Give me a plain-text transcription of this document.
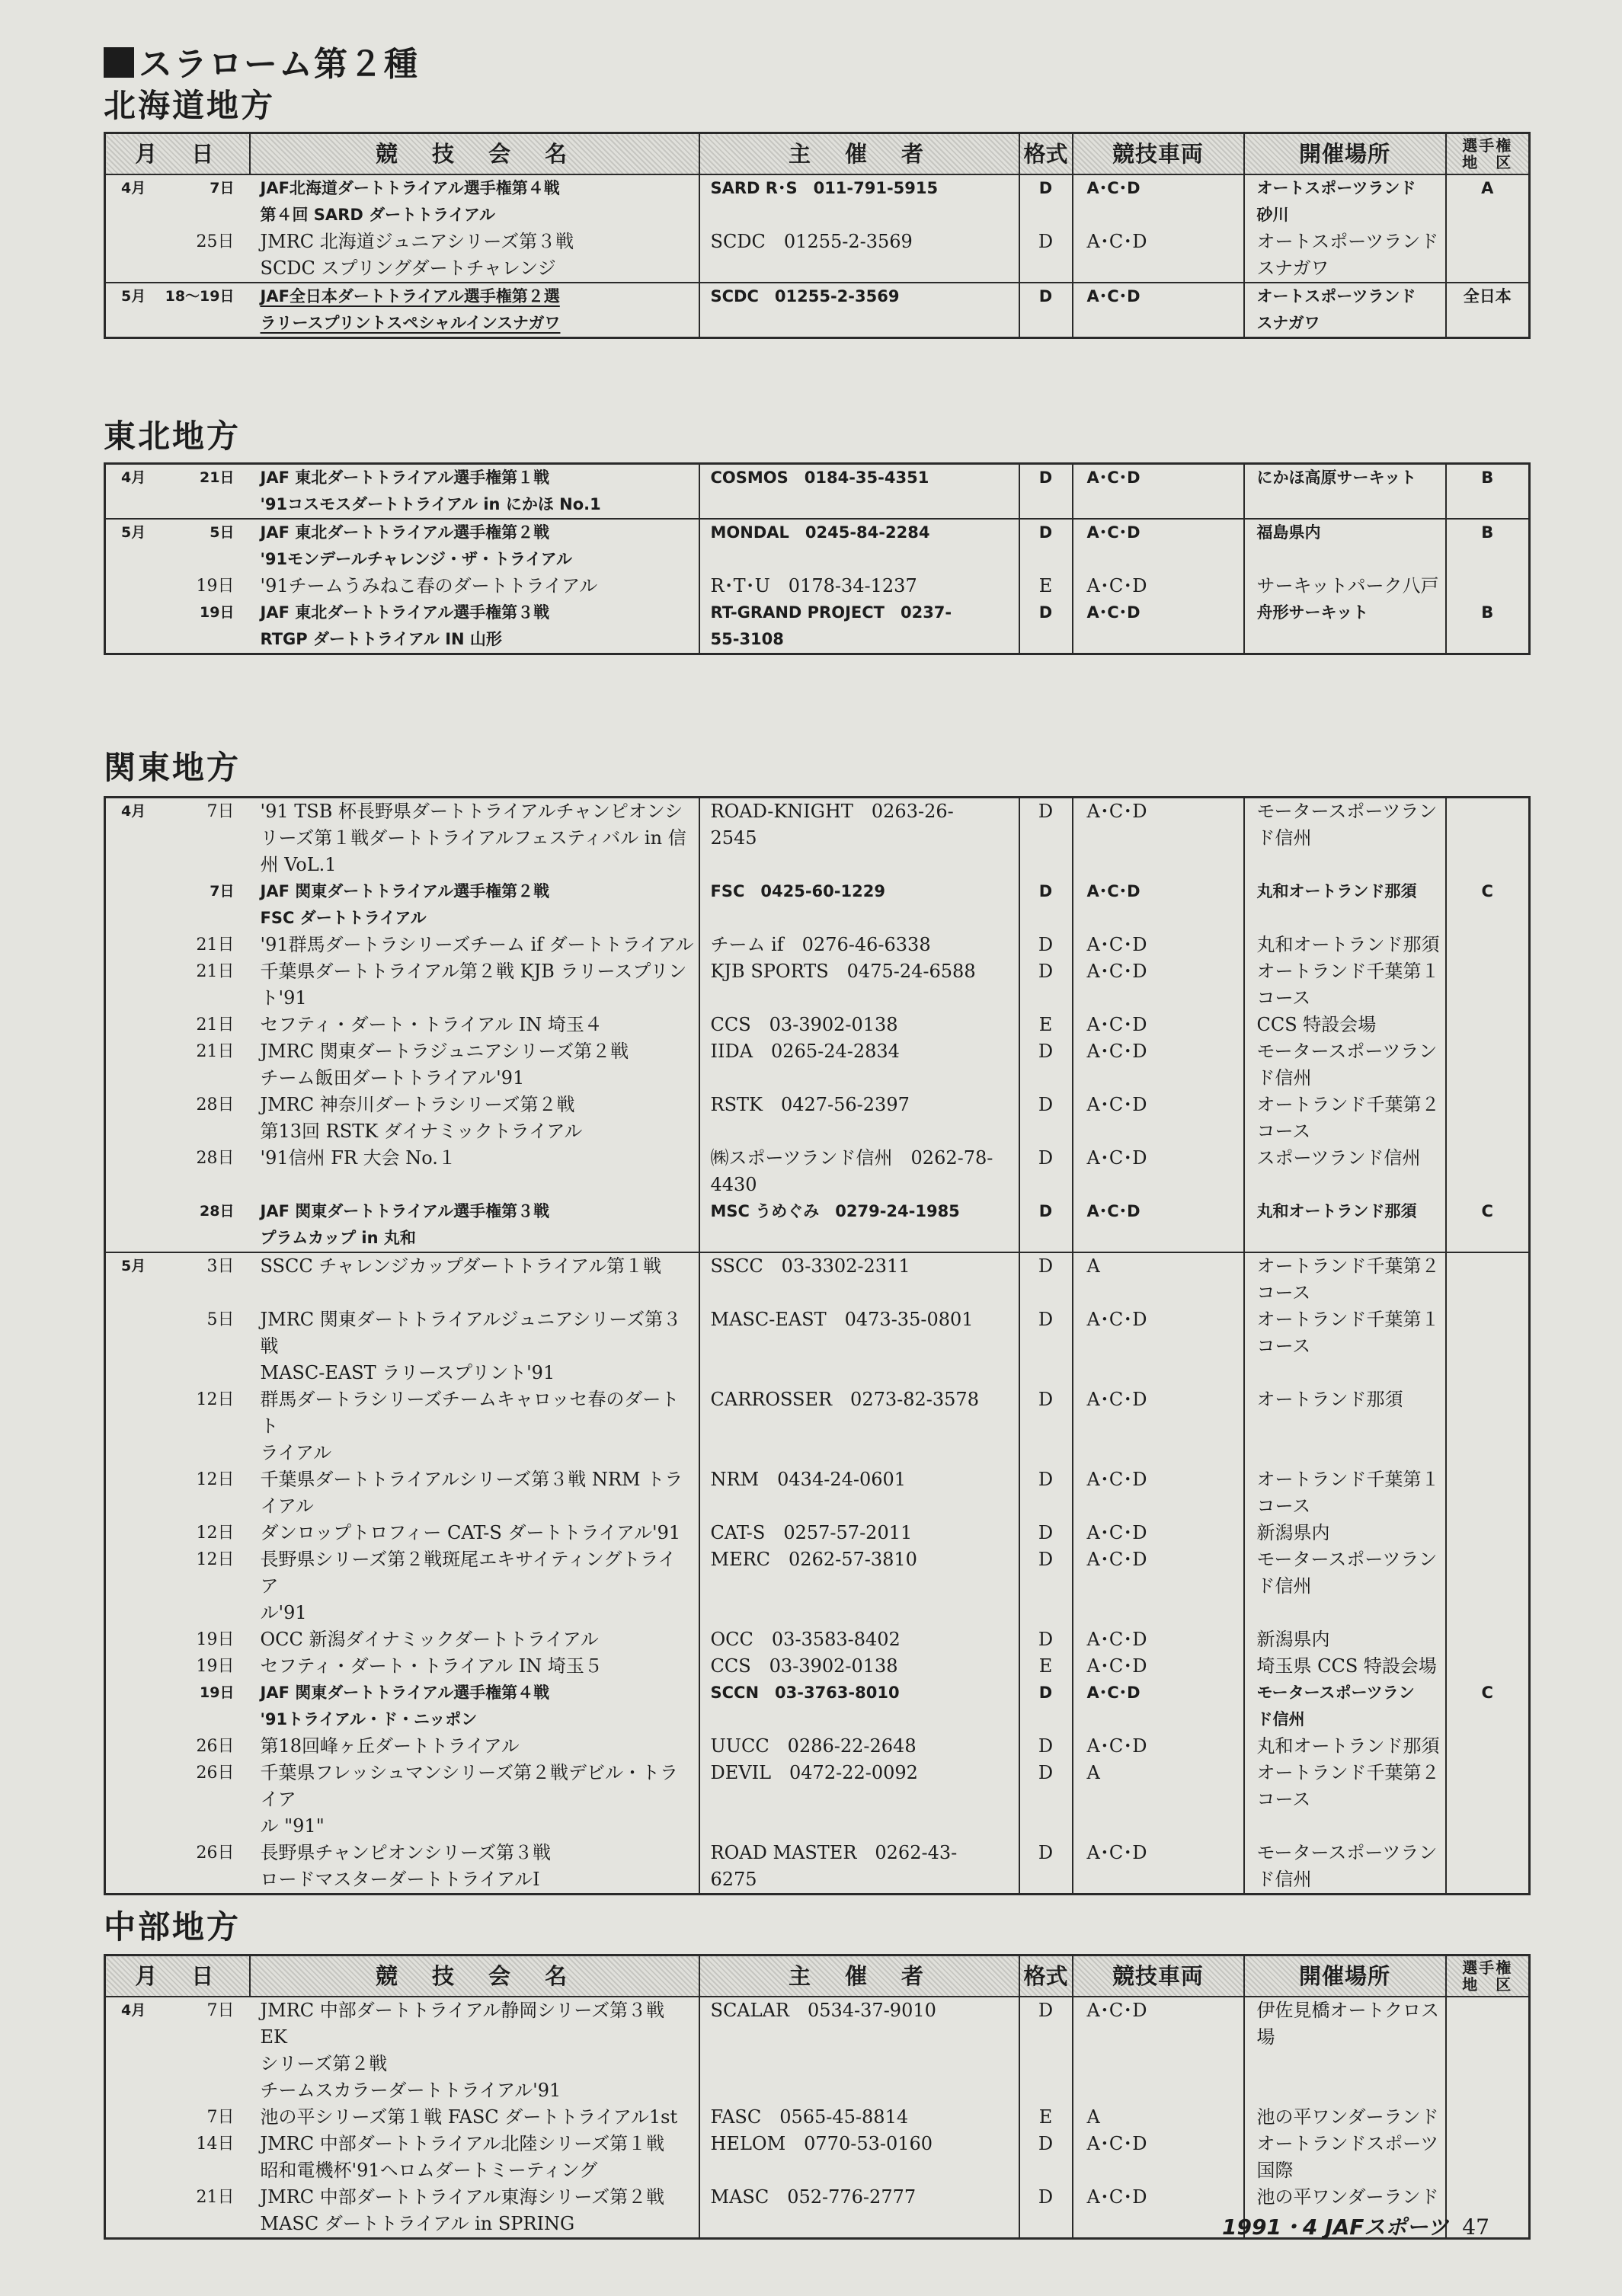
スラローム第２種
北海道地方
月　日	競　技　会　名	主　催　者	格式	競技車両	開催場所	選手権
地　区

4月 7日	JAF北海道ダートトライアル選手権第４戦
第４回 SARD ダートトライアル	SARD R･S　011-791-5915	D	A･C･D	オートスポーツランド
砂川	A

25日	JMRC 北海道ジュニアシリーズ第３戦
SCDC スプリングダートチャレンジ	SCDC　01255-2-3569	D	A･C･D	オートスポーツランド
スナガワ	

5月 18〜19日	JAF全日本ダートトライアル選手権第２選
ラリースプリントスペシャルインスナガワ	SCDC　01255-2-3569	D	A･C･D	オートスポーツランド
スナガワ	全日本
東北地方
4月 21日	JAF 東北ダートトライアル選手権第１戦
'91コスモスダートトライアル in にかほ No.1	COSMOS　0184-35-4351	D	A･C･D	にかほ高原サーキット	B

5月 5日	JAF 東北ダートトライアル選手権第２戦
'91モンデールチャレンジ・ザ・トライアル	MONDAL　0245-84-2284	D	A･C･D	福島県内	B

19日	'91チームうみねこ春のダートトライアル	R･T･U　0178-34-1237	E	A･C･D	サーキットパーク八戸	

19日	JAF 東北ダートトライアル選手権第３戦
RTGP ダートトライアル IN 山形	RT-GRAND PROJECT　0237-
55-3108	D	A･C･D	舟形サーキット	B
関東地方
4月 7日	'91 TSB 杯長野県ダートトライアルチャンピオンシ
リーズ第１戦ダートトライアルフェスティバル in 信
州 VoL.1	ROAD-KNIGHT　0263-26-
2545	D	A･C･D	モータースポーツラン
ド信州	

7日	JAF 関東ダートトライアル選手権第２戦
FSC ダートトライアル	FSC　0425-60-1229	D	A･C･D	丸和オートランド那須	C

21日	'91群馬ダートラシリーズチーム if ダートトライアル	チーム if　0276-46-6338	D	A･C･D	丸和オートランド那須	

21日	千葉県ダートトライアル第２戦 KJB ラリースプリン
ト'91	KJB SPORTS　0475-24-6588	D	A･C･D	オートランド千葉第１
コース	

21日	セフティ・ダート・トライアル IN 埼玉４	CCS　03-3902-0138	E	A･C･D	CCS 特設会場	

21日	JMRC 関東ダートラジュニアシリーズ第２戦
チーム飯田ダートトライアル'91	IIDA　0265-24-2834	D	A･C･D	モータースポーツラン
ド信州	

28日	JMRC 神奈川ダートラシリーズ第２戦
第13回 RSTK ダイナミックトライアル	RSTK　0427-56-2397	D	A･C･D	オートランド千葉第２
コース	

28日	'91信州 FR 大会 No.１	㈱スポーツランド信州　0262-78-
4430	D	A･C･D	スポーツランド信州	

28日	JAF 関東ダートトライアル選手権第３戦
プラムカップ in 丸和	MSC うめぐみ　0279-24-1985	D	A･C･D	丸和オートランド那須	C

5月 3日	SSCC チャレンジカップダートトライアル第１戦	SSCC　03-3302-2311	D	A	オートランド千葉第２
コース	

5日	JMRC 関東ダートトライアルジュニアシリーズ第３
戦
MASC-EAST ラリースプリント'91	MASC-EAST　0473-35-0801	D	A･C･D	オートランド千葉第１
コース	

12日	群馬ダートラシリーズチームキャロッセ春のダートト
ライアル	CARROSSER　0273-82-3578	D	A･C･D	オートランド那須	

12日	千葉県ダートトライアルシリーズ第３戦 NRM トラ
イアル	NRM　0434-24-0601	D	A･C･D	オートランド千葉第１
コース	

12日	ダンロップトロフィー CAT-S ダートトライアル'91	CAT-S　0257-57-2011	D	A･C･D	新潟県内	

12日	長野県シリーズ第２戦斑尾エキサイティングトライア
ル'91	MERC　0262-57-3810	D	A･C･D	モータースポーツラン
ド信州	

19日	OCC 新潟ダイナミックダートトライアル	OCC　03-3583-8402	D	A･C･D	新潟県内	

19日	セフティ・ダート・トライアル IN 埼玉５	CCS　03-3902-0138	E	A･C･D	埼玉県 CCS 特設会場	

19日	JAF 関東ダートトライアル選手権第４戦
'91トライアル・ド・ニッポン	SCCN　03-3763-8010	D	A･C･D	モータースポーツラン
ド信州	C

26日	第18回峰ヶ丘ダートトライアル	UUCC　0286-22-2648	D	A･C･D	丸和オートランド那須	

26日	千葉県フレッシュマンシリーズ第２戦デビル・トライア
ル "91"	DEVIL　0472-22-0092	D	A	オートランド千葉第２
コース	

26日	長野県チャンピオンシリーズ第３戦
ロードマスターダートトライアルⅠ	ROAD MASTER　0262-43-
6275	D	A･C･D	モータースポーツラン
ド信州	

中部地方
月　日	競　技　会　名	主　催　者	格式	競技車両	開催場所	選手権
地　区

4月 7日	JMRC 中部ダートトライアル静岡シリーズ第３戦 EK
シリーズ第２戦
チームスカラーダートトライアル'91	SCALAR　0534-37-9010	D	A･C･D	伊佐見橋オートクロス
場	

7日	池の平シリーズ第１戦 FASC ダートトライアル1st	FASC　0565-45-8814	E	A	池の平ワンダーランド	

14日	JMRC 中部ダートトライアル北陸シリーズ第１戦
昭和電機杯'91ヘロムダートミーティング	HELOM　0770-53-0160	D	A･C･D	オートランドスポーツ
国際	

21日	JMRC 中部ダートトライアル東海シリーズ第２戦
MASC ダートトライアル in SPRING	MASC　052-776-2777	D	A･C･D	池の平ワンダーランド	

1991・4 JAFスポーツ 47
